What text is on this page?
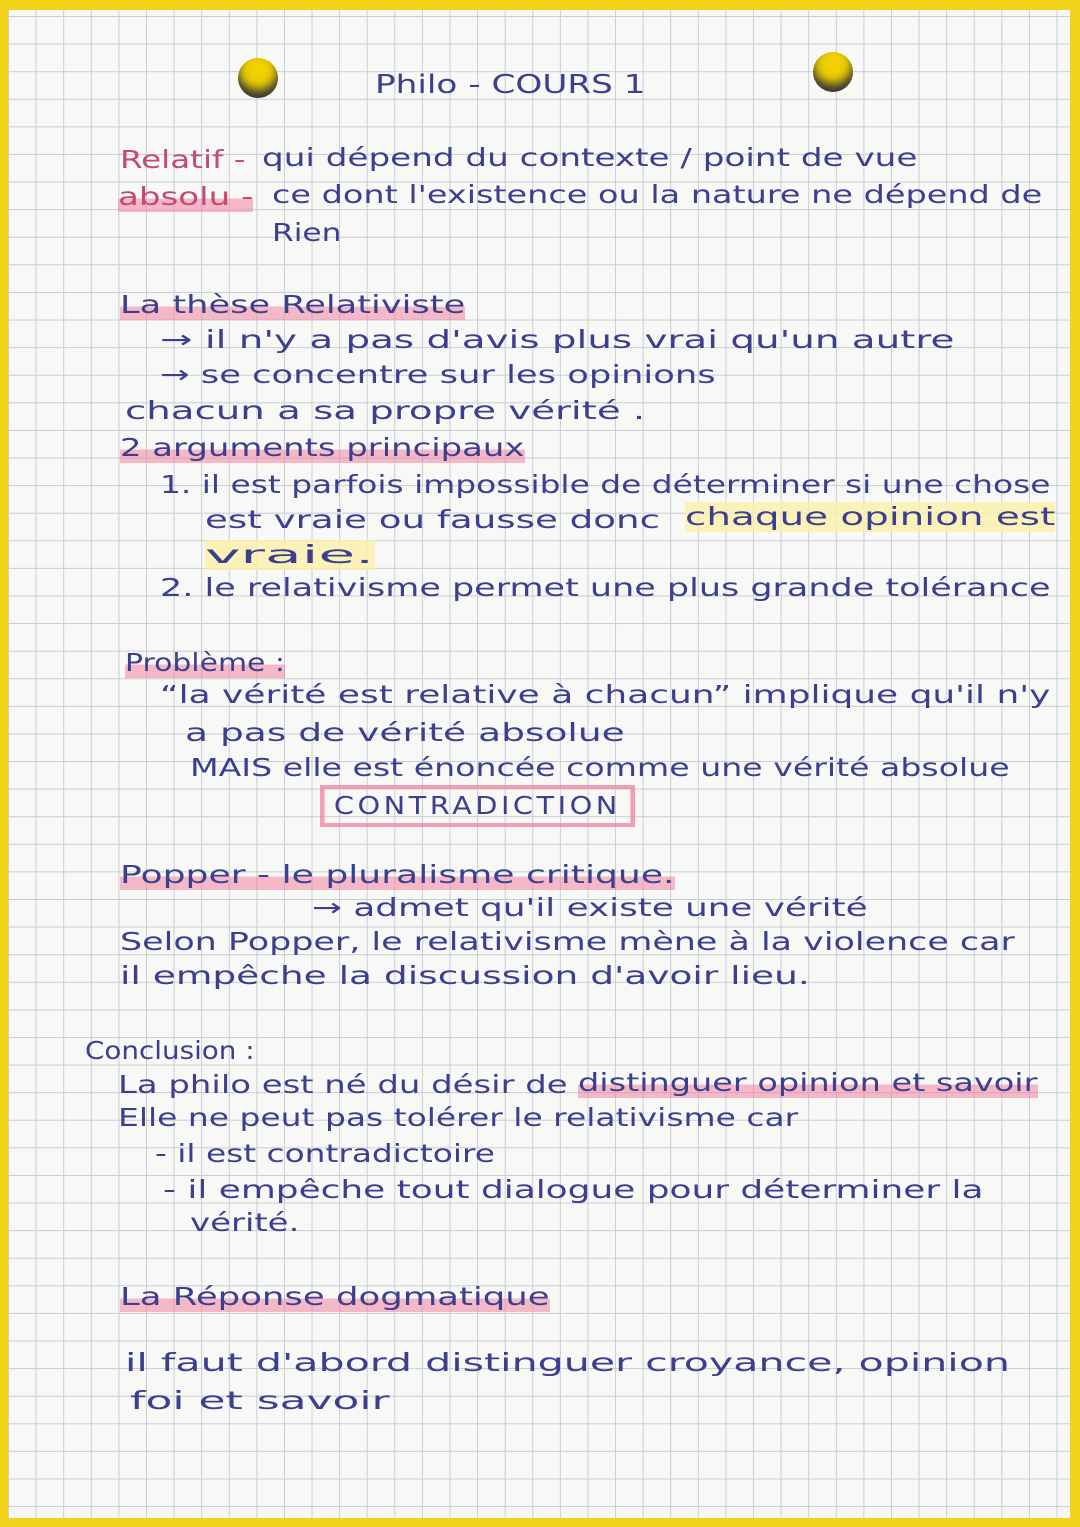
Philo - COURS 1
Relatif - qui dépend du contexte / point de vue
absolu - ce dont l'existence ou la nature ne dépend de
Rien
La thèse Relativiste
→ il n'y a pas d'avis plus vrai qu'un autre
→ se concentre sur les opinions
chacun a sa propre vérité .
2 arguments principaux
1. il est parfois impossible de déterminer si une chose
est vraie ou fausse donc chaque opinion est
vraie.
2. le relativisme permet une plus grande tolérance
Problème :
“la vérité est relative à chacun” implique qu'il n'y
a pas de vérité absolue
MAIS elle est énoncée comme une vérité absolue
CONTRADICTION
Popper - le pluralisme critique.
→ admet qu'il existe une vérité
Selon Popper, le relativisme mène à la violence car
il empêche la discussion d'avoir lieu.
Conclusion :
La philo est né du désir de distinguer opinion et savoir
Elle ne peut pas tolérer le relativisme car
- il est contradictoire
- il empêche tout dialogue pour déterminer la
vérité.
La Réponse dogmatique
il faut d'abord distinguer croyance, opinion
foi et savoir
